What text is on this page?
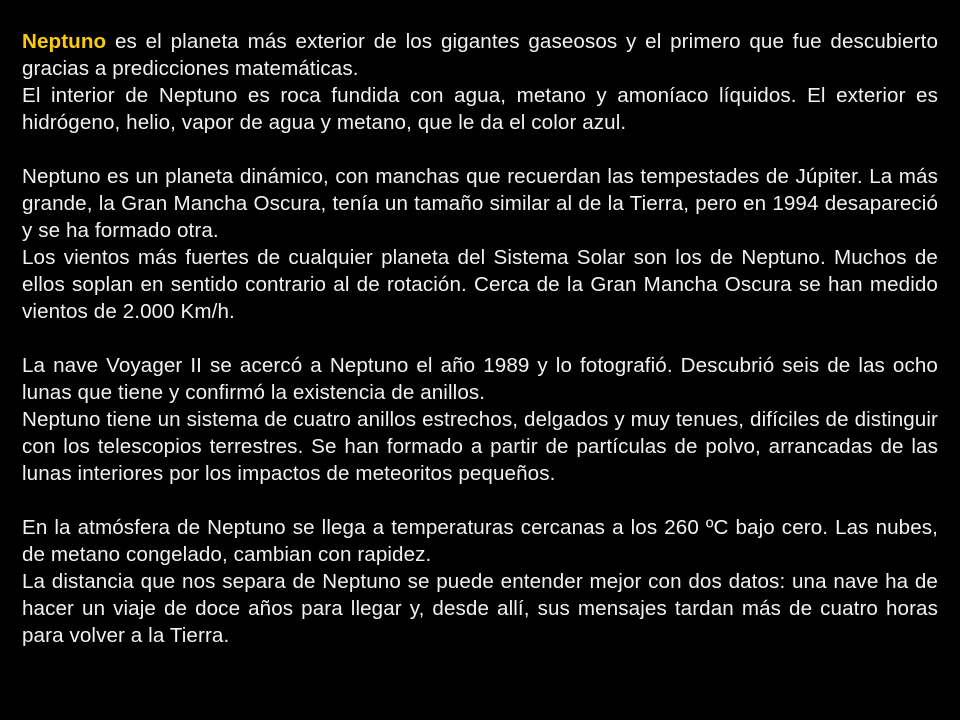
Neptuno es el planeta más exterior de los gigantes gaseosos y el primero que fue descubierto gracias a predicciones matemáticas.

El interior de Neptuno es roca fundida con agua, metano y amoníaco líquidos. El exterior es hidrógeno, helio, vapor de agua y metano, que le da el color azul.

Neptuno es un planeta dinámico, con manchas que recuerdan las tempestades de Júpiter. La más grande, la Gran Mancha Oscura, tenía un tamaño similar al de la Tierra, pero en 1994 desapareció y se ha formado otra.

Los vientos más fuertes de cualquier planeta del Sistema Solar son los de Neptuno. Muchos de ellos soplan en sentido contrario al de rotación. Cerca de la Gran Mancha Oscura se han medido vientos de 2.000 Km/h.

La nave Voyager II se acercó a Neptuno el año 1989 y lo fotografió. Descubrió seis de las ocho lunas que tiene y confirmó la existencia de anillos.

Neptuno tiene un sistema de cuatro anillos estrechos, delgados y muy tenues, difíciles de distinguir con los telescopios terrestres. Se han formado a partir de partículas de polvo, arrancadas de las lunas interiores por los impactos de meteoritos pequeños.

En la atmósfera de Neptuno se llega a temperaturas cercanas a los 260 ºC bajo cero. Las nubes, de metano congelado, cambian con rapidez.

La distancia que nos separa de Neptuno se puede entender mejor con dos datos: una nave ha de hacer un viaje de doce años para llegar y, desde allí, sus mensajes tardan más de cuatro horas para volver a la Tierra.
